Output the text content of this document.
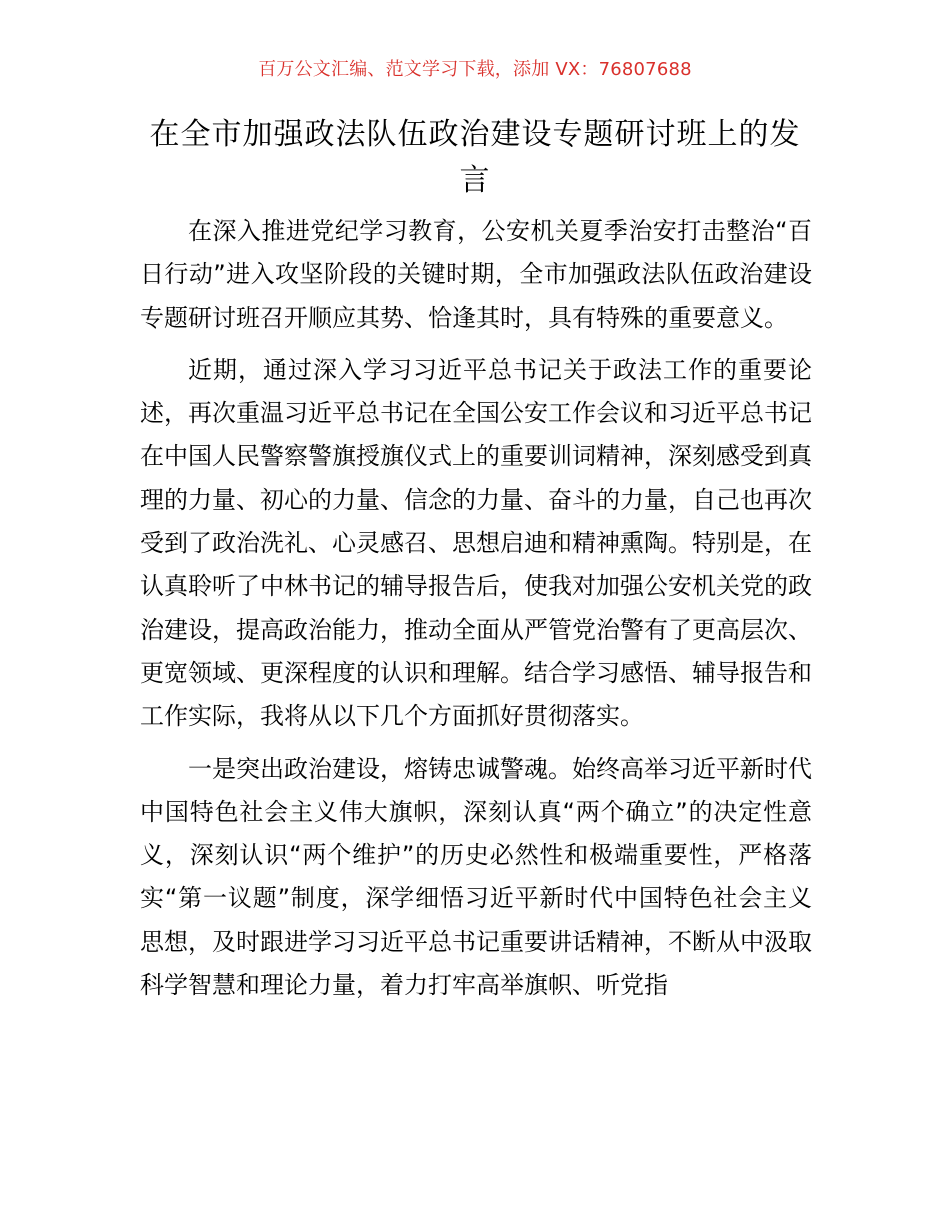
百万公文汇编、范文学习下载，添加 VX：76807688
在全市加强政法队伍政治建设专题研讨班上的发言

在深入推进党纪学习教育，公安机关夏季治安打击整治“百日行动”进入攻坚阶段的关键时期，全市加强政法队伍政治建设专题研讨班召开顺应其势、恰逢其时，具有特殊的重要意义。

近期，通过深入学习习近平总书记关于政法工作的重要论述，再次重温习近平总书记在全国公安工作会议和习近平总书记在中国人民警察警旗授旗仪式上的重要训词精神，深刻感受到真理的力量、初心的力量、信念的力量、奋斗的力量，自己也再次受到了政治洗礼、心灵感召、思想启迪和精神熏陶。特别是，在认真聆听了中林书记的辅导报告后，使我对加强公安机关党的政治建设，提高政治能力，推动全面从严管党治警有了更高层次、更宽领域、更深程度的认识和理解。结合学习感悟、辅导报告和工作实际，我将从以下几个方面抓好贯彻落实。

一是突出政治建设，熔铸忠诚警魂。始终高举习近平新时代中国特色社会主义伟大旗帜，深刻认真“两个确立”的决定性意义，深刻认识“两个维护”的历史必然性和极端重要性，严格落实“第一议题”制度，深学细悟习近平新时代中国特色社会主义思想，及时跟进学习习近平总书记重要讲话精神，不断从中汲取科学智慧和理论力量，着力打牢高举旗帜、听党指
